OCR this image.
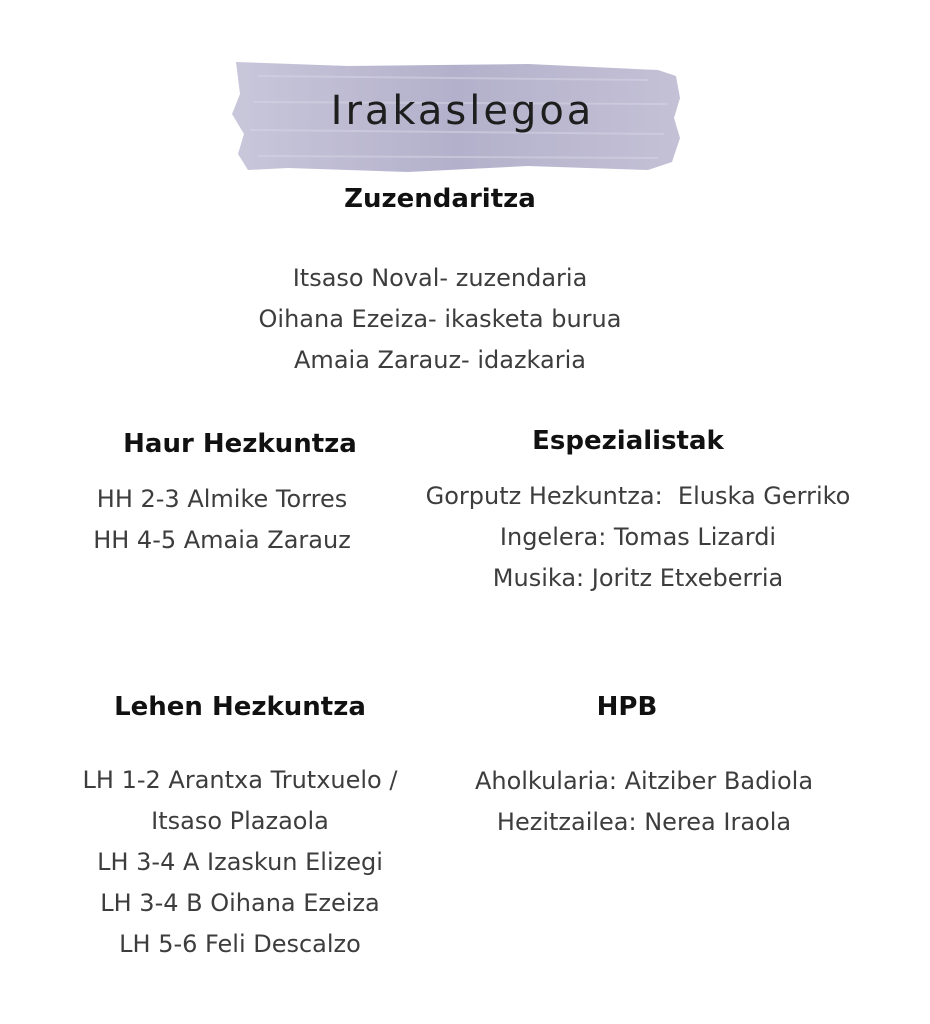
Irakaslegoa
Zuzendaritza
Itsaso Noval- zuzendaria
Oihana Ezeiza- ikasketa burua
Amaia Zarauz- idazkaria
Haur Hezkuntza
HH 2-3 Almike Torres
HH 4-5 Amaia Zarauz
Espezialistak
Gorputz Hezkuntza:  Eluska Gerriko
Ingelera: Tomas Lizardi
Musika: Joritz Etxeberria
Lehen Hezkuntza
LH 1-2 Arantxa Trutxuelo /
Itsaso Plazaola
LH 3-4 A Izaskun Elizegi
LH 3-4 B Oihana Ezeiza
LH 5-6 Feli Descalzo
HPB
Aholkularia: Aitziber Badiola
Hezitzailea: Nerea Iraola
